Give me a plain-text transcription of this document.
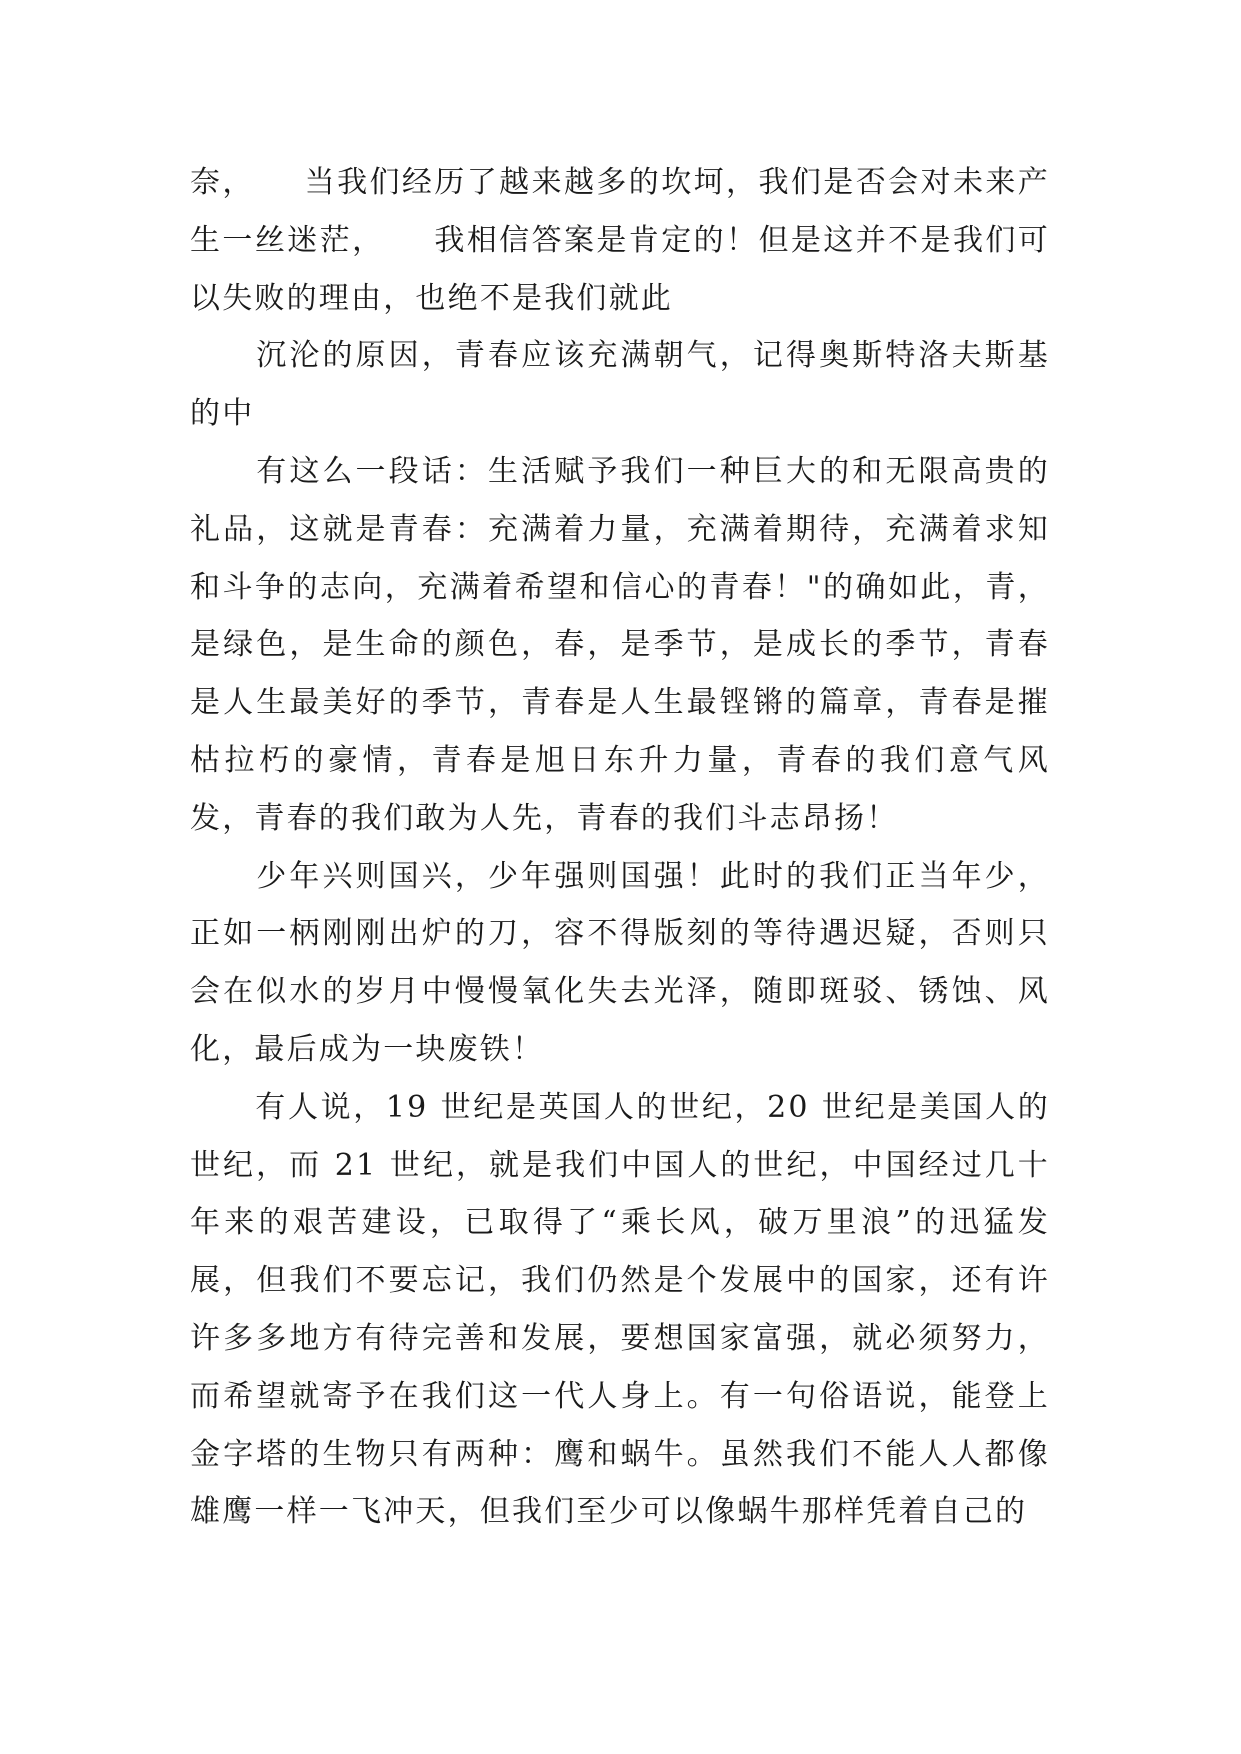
奈，　　当我们经历了越来越多的坎坷，我们是否会对未来产生一丝迷茫，　　我相信答案是肯定的！但是这并不是我们可以失败的理由，也绝不是我们就此

　　沉沦的原因，青春应该充满朝气，记得奥斯特洛夫斯基的中

　　有这么一段话：生活赋予我们一种巨大的和无限高贵的礼品，这就是青春：充满着力量，充满着期待，充满着求知和斗争的志向，充满着希望和信心的青春！"的确如此，青，是绿色，是生命的颜色，春，是季节，是成长的季节，青春是人生最美好的季节，青春是人生最铿锵的篇章，青春是摧枯拉朽的豪情，青春是旭日东升力量，青春的我们意气风发，青春的我们敢为人先，青春的我们斗志昂扬！

　　少年兴则国兴，少年强则国强！此时的我们正当年少，正如一柄刚刚出炉的刀，容不得版刻的等待遇迟疑，否则只会在似水的岁月中慢慢氧化失去光泽，随即斑驳、锈蚀、风化，最后成为一块废铁！

　　有人说，19 世纪是英国人的世纪，20 世纪是美国人的世纪，而 21 世纪，就是我们中国人的世纪，中国经过几十年来的艰苦建设，已取得了“乘长风，破万里浪”的迅猛发展，但我们不要忘记，我们仍然是个发展中的国家，还有许许多多地方有待完善和发展，要想国家富强，就必须努力，而希望就寄予在我们这一代人身上。有一句俗语说，能登上金字塔的生物只有两种：鹰和蜗牛。虽然我们不能人人都像雄鹰一样一飞冲天，但我们至少可以像蜗牛那样凭着自己的
